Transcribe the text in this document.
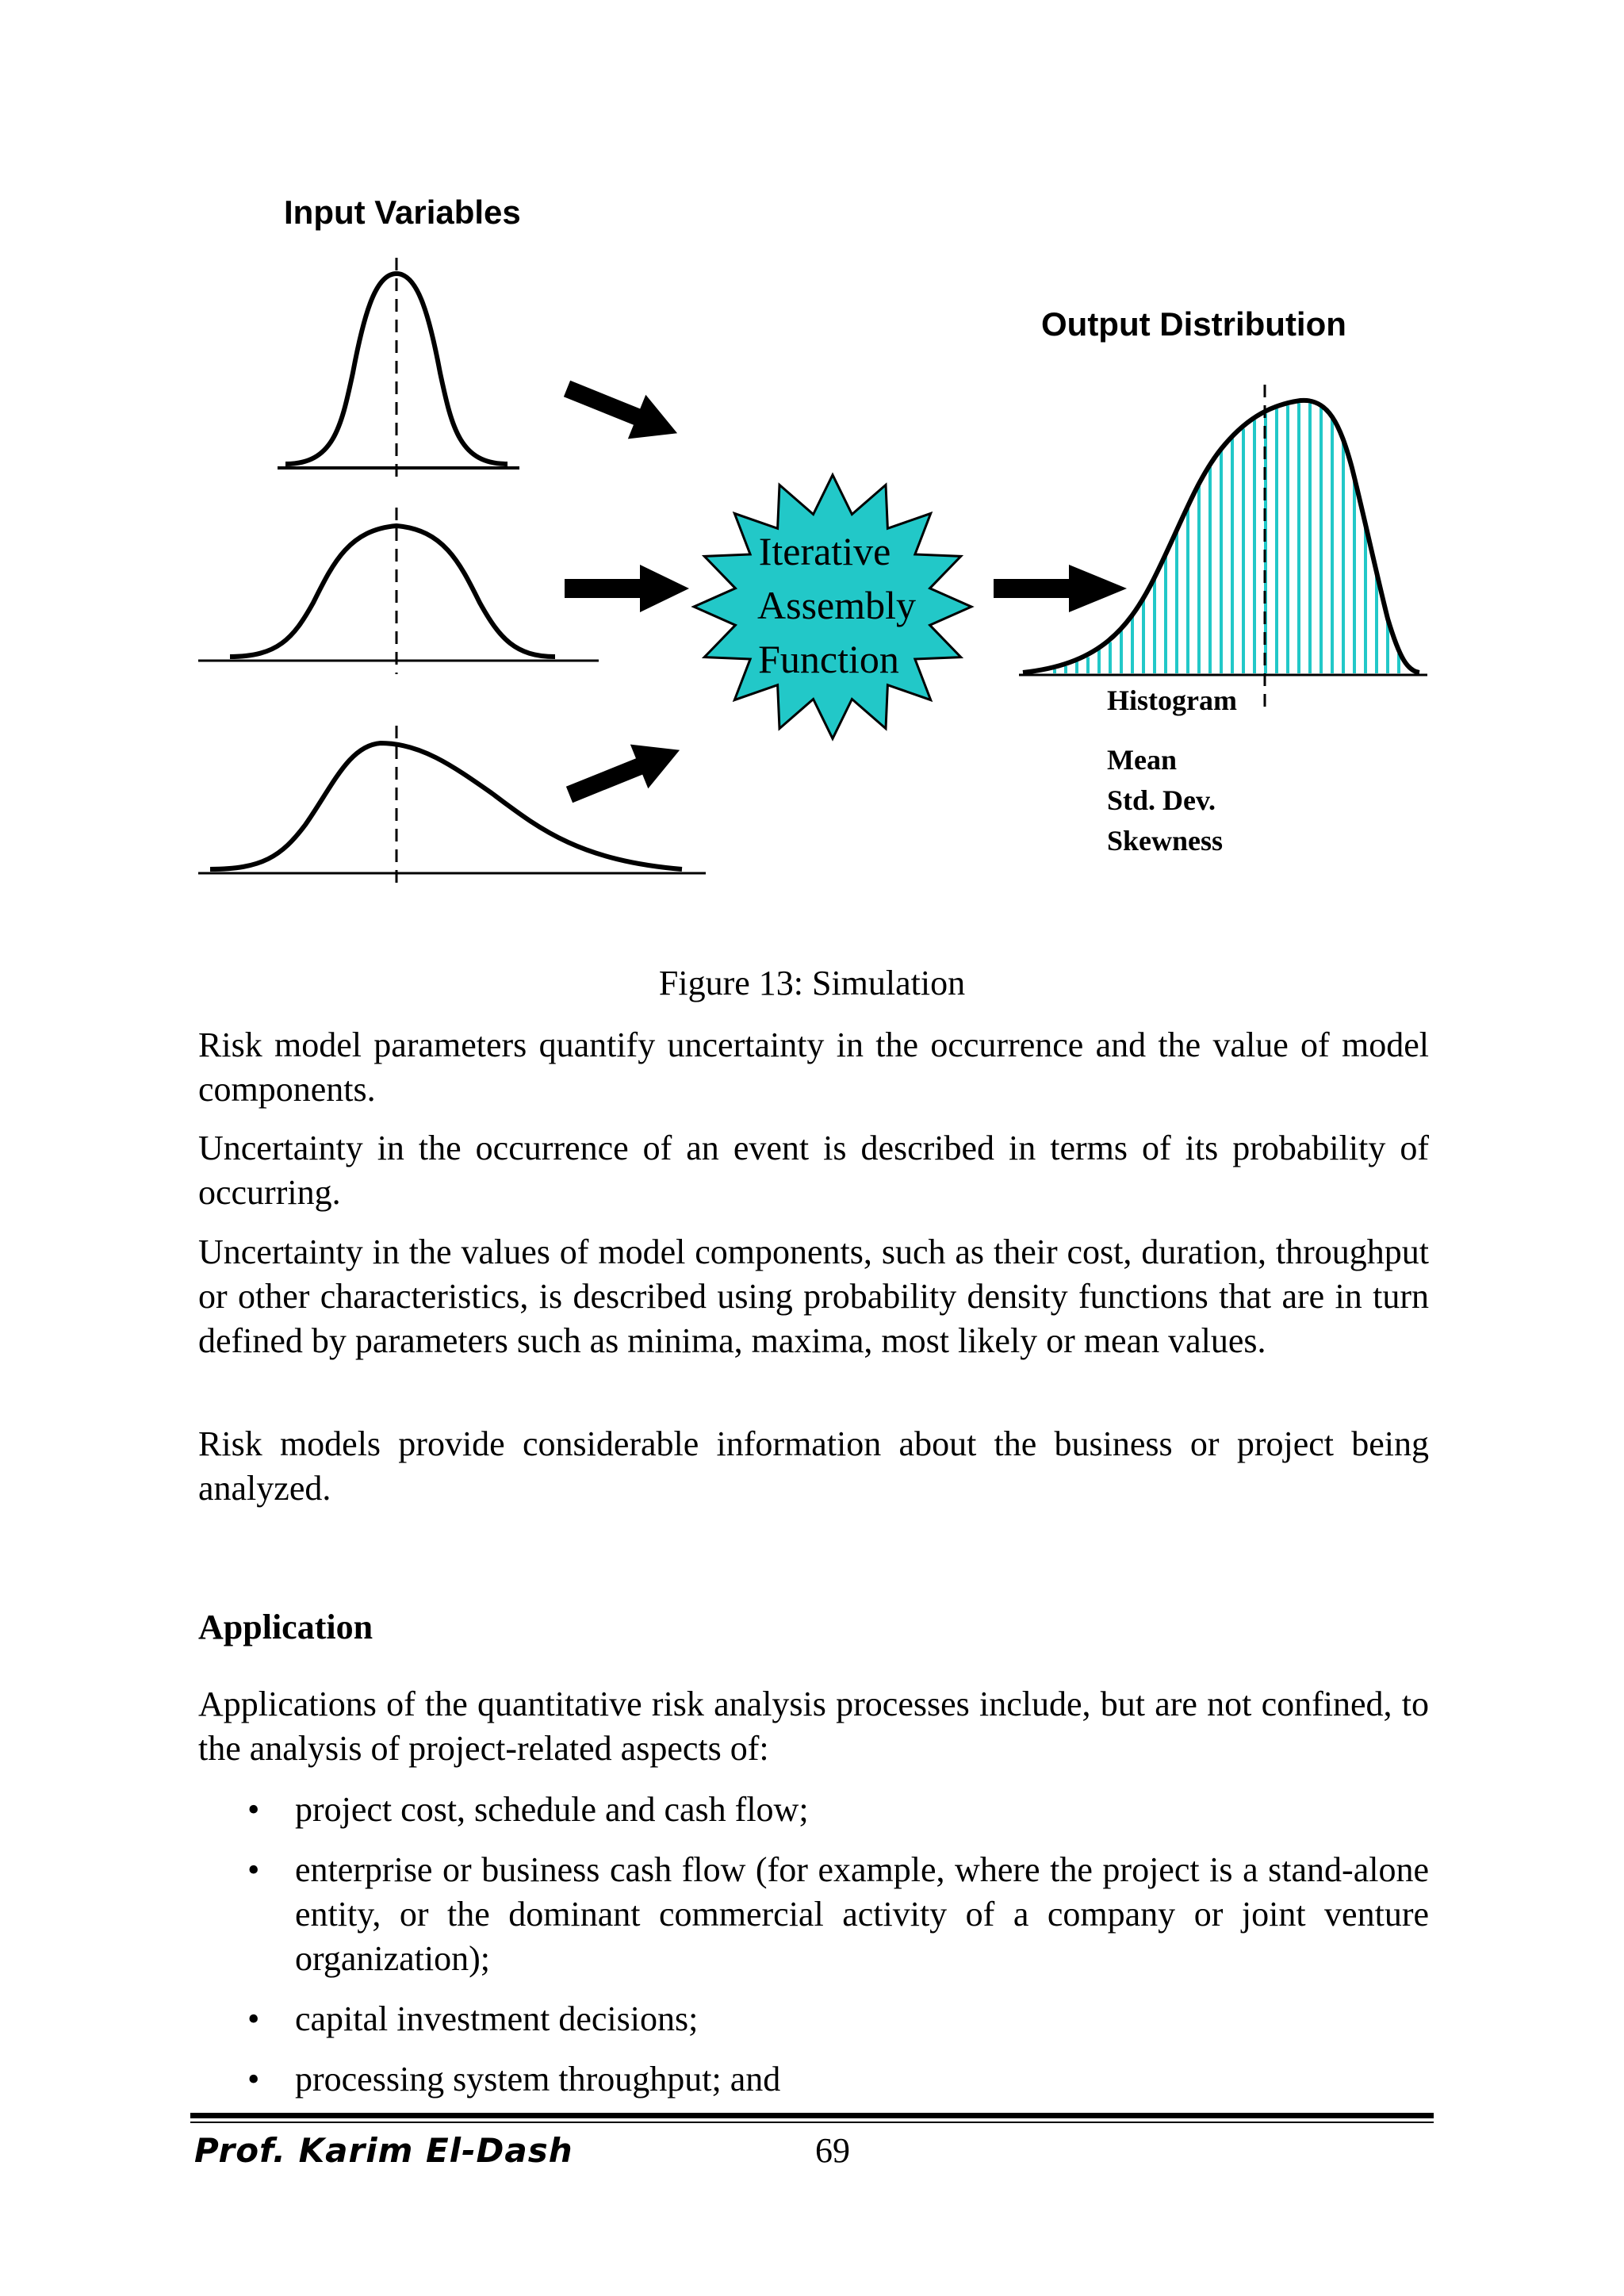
Input Variables
Iterative
Assembly
Function
Output Distribution
Histogram
Mean
Std. Dev.
Skewness
Figure 13: Simulation

Risk model parameters quantify uncertainty in the occurrence and the value of model components.

Uncertainty in the occurrence of an event is described in terms of its probability of occurring.

Uncertainty in the values of model components, such as their cost, duration, throughput or other characteristics, is described using probability density functions that are in turn defined by parameters such as minima, maxima, most likely or mean values.

Risk models provide considerable information about the business or project being analyzed.

Application

Applications of the quantitative risk analysis processes include, but are not confined, to the analysis of project-related aspects of:

• project cost, schedule and cash flow;
• enterprise or business cash flow (for example, where the project is a stand-alone entity, or the dominant commercial activity of a company or joint venture organization);
• capital investment decisions;
• processing system throughput; and
Prof. Karim El-Dash	69
